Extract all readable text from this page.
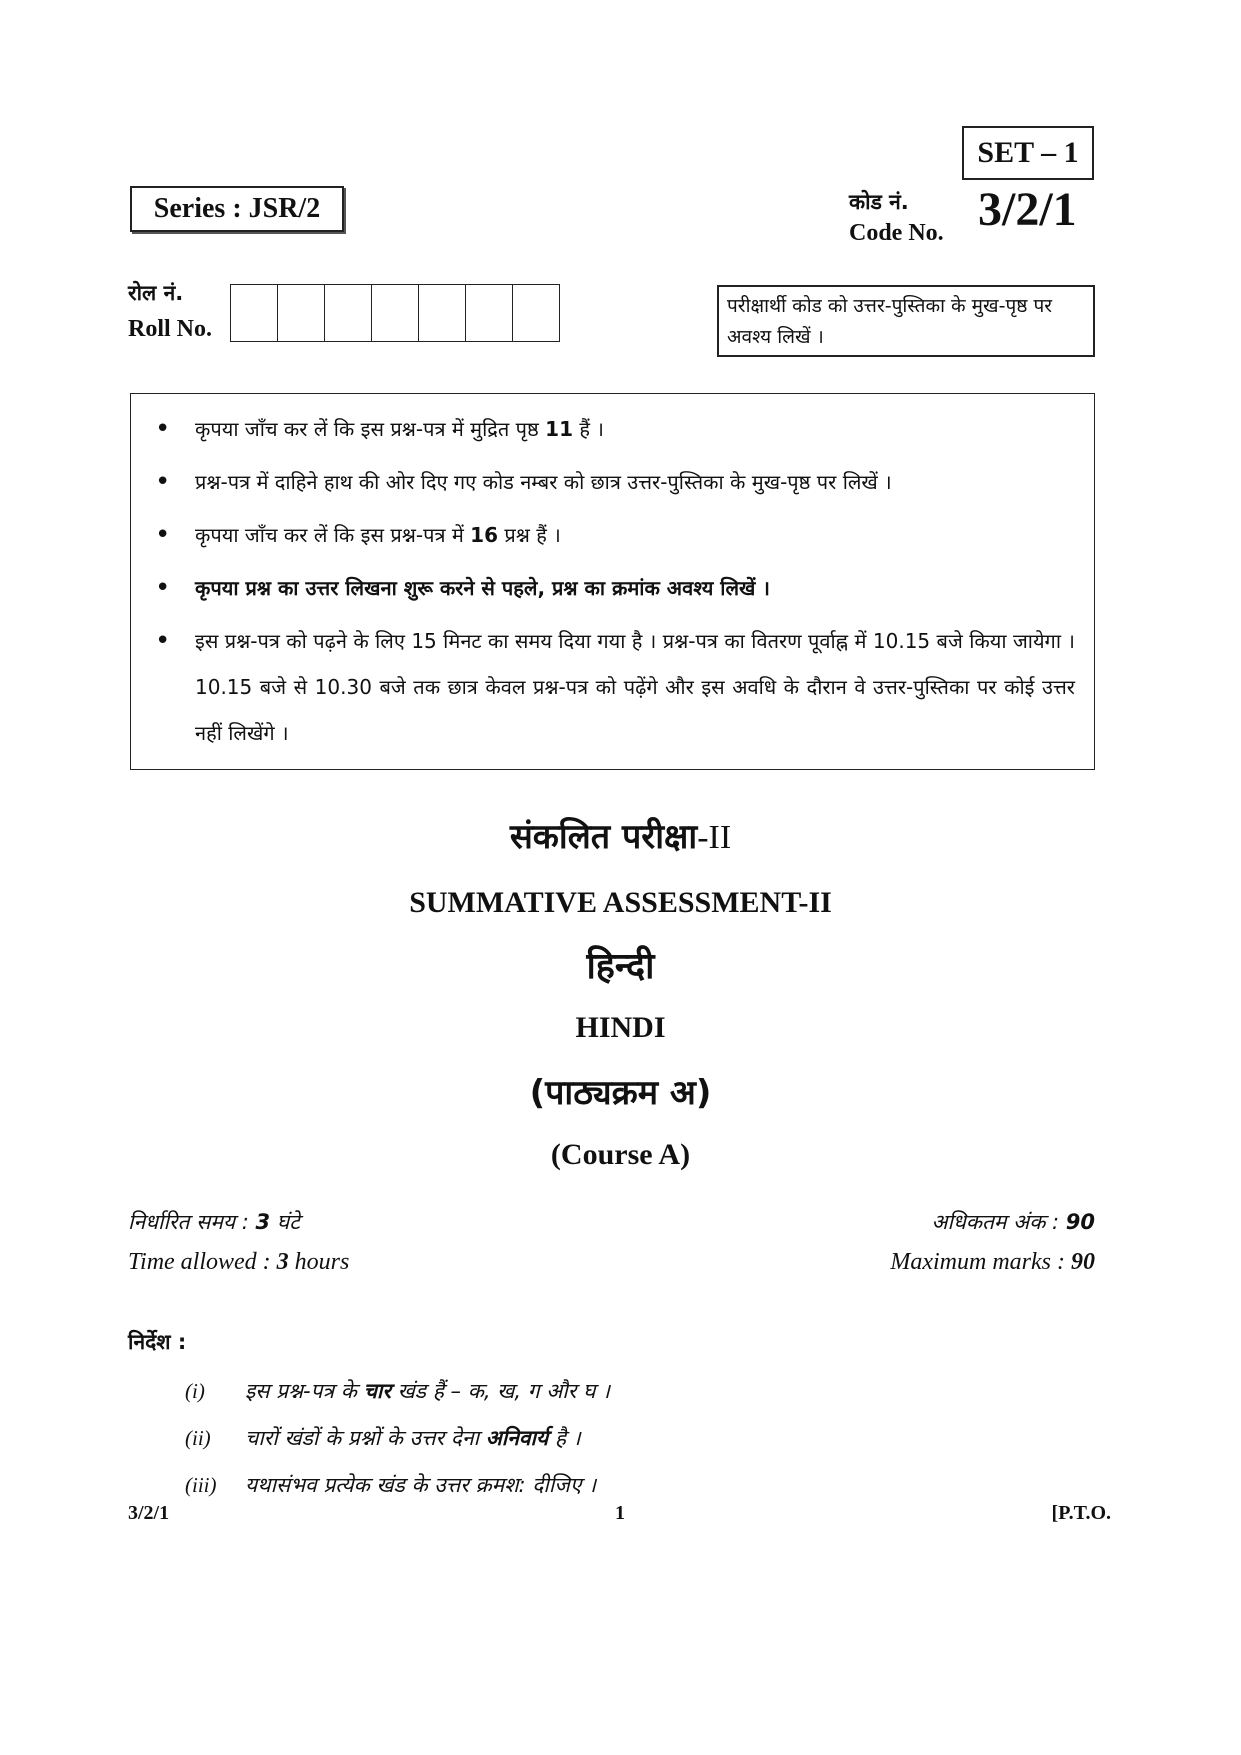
SET – 1
Series : JSR/2	कोड नं.
Code No. 3/2/1
रोल नं.
Roll No.
परीक्षार्थी कोड को उत्तर-पुस्तिका के मुख-पृष्ठ पर अवश्य लिखें ।
• कृपया जाँच कर लें कि इस प्रश्न-पत्र में मुद्रित पृष्ठ 11 हैं ।
• प्रश्न-पत्र में दाहिने हाथ की ओर दिए गए कोड नम्बर को छात्र उत्तर-पुस्तिका के मुख-पृष्ठ पर लिखें ।
• कृपया जाँच कर लें कि इस प्रश्न-पत्र में 16 प्रश्न हैं ।
• कृपया प्रश्न का उत्तर लिखना शुरू करने से पहले, प्रश्न का क्रमांक अवश्य लिखें ।
• इस प्रश्न-पत्र को पढ़ने के लिए 15 मिनट का समय दिया गया है । प्रश्न-पत्र का वितरण पूर्वाह्न में 10.15 बजे किया जायेगा । 10.15 बजे से 10.30 बजे तक छात्र केवल प्रश्न-पत्र को पढ़ेंगे और इस अवधि के दौरान वे उत्तर-पुस्तिका पर कोई उत्तर नहीं लिखेंगे ।
संकलित परीक्षा-II
SUMMATIVE ASSESSMENT-II
हिन्दी
HINDI
(पाठ्यक्रम अ)
(Course A)
निर्धारित समय : 3 घंटे
Time allowed : 3 hours
अधिकतम अंक : 90
Maximum marks : 90
निर्देश :
(i)	इस प्रश्न-पत्र के चार खंड हैं – क, ख, ग और घ ।
(ii)	चारों खंडों के प्रश्नों के उत्तर देना अनिवार्य है ।
(iii)	यथासंभव प्रत्येक खंड के उत्तर क्रमश: दीजिए ।
3/2/1	1	[P.T.O.
